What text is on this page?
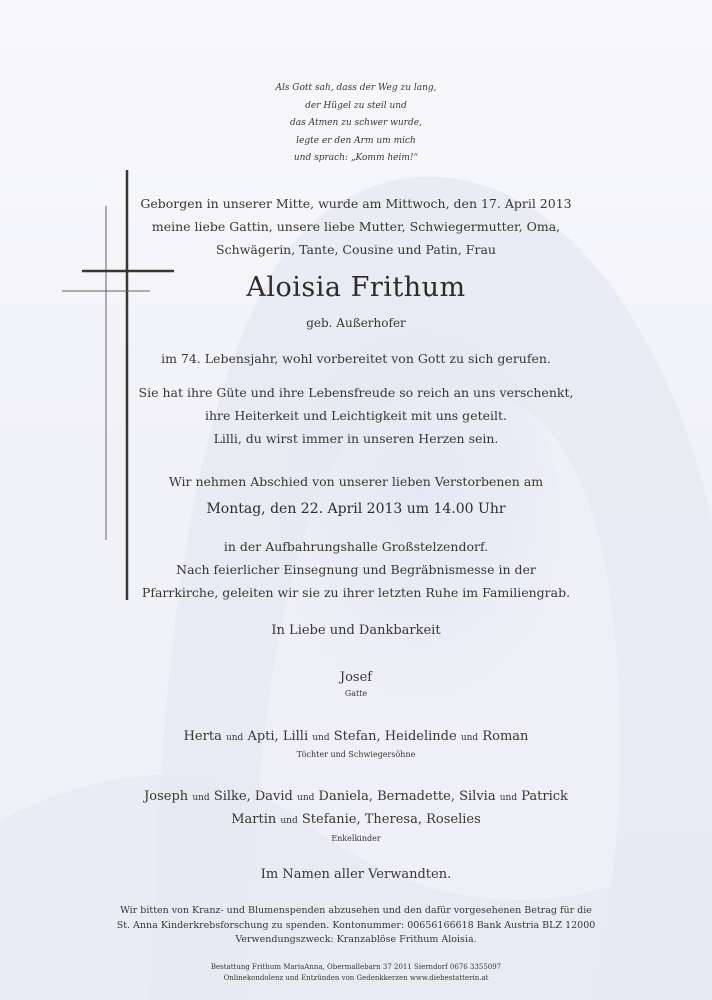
Als Gott sah, dass der Weg zu lang,
der Hügel zu steil und
das Atmen zu schwer wurde,
legte er den Arm um mich
und sprach: „Komm heim!“
Geborgen in unserer Mitte, wurde am Mittwoch, den 17. April 2013
meine liebe Gattin, unsere liebe Mutter, Schwiegermutter, Oma,
Schwägerin, Tante, Cousine und Patin, Frau
Aloisia Frithum
geb. Außerhofer
im 74. Lebensjahr, wohl vorbereitet von Gott zu sich gerufen.
Sie hat ihre Güte und ihre Lebensfreude so reich an uns verschenkt,
ihre Heiterkeit und Leichtigkeit mit uns geteilt.
Lilli, du wirst immer in unseren Herzen sein.
Wir nehmen Abschied von unserer lieben Verstorbenen am
Montag, den 22. April 2013 um 14.00 Uhr
in der Aufbahrungshalle Großstelzendorf.
Nach feierlicher Einsegnung und Begräbnismesse in der
Pfarrkirche, geleiten wir sie zu ihrer letzten Ruhe im Familiengrab.
In Liebe und Dankbarkeit
Josef
Gatte
Herta und Apti, Lilli und Stefan, Heidelinde und Roman
Töchter und Schwiegersöhne
Joseph und Silke, David und Daniela, Bernadette, Silvia und Patrick
Martin und Stefanie, Theresa, Roselies
Enkelkinder
Im Namen aller Verwandten.
Wir bitten von Kranz- und Blumenspenden abzusehen und den dafür vorgesehenen Betrag für die
St. Anna Kinderkrebsforschung zu spenden. Kontonummer: 00656166618 Bank Austria BLZ 12000
Verwendungszweck: Kranzablöse Frithum Aloisia.
Bestattung Frithum MariaAnna, Obermallebarn 37 2011 Sierndorf 0676 3355097
Onlinekondolenz und Entzünden von Gedenkkerzen www.diebestatterin.at
